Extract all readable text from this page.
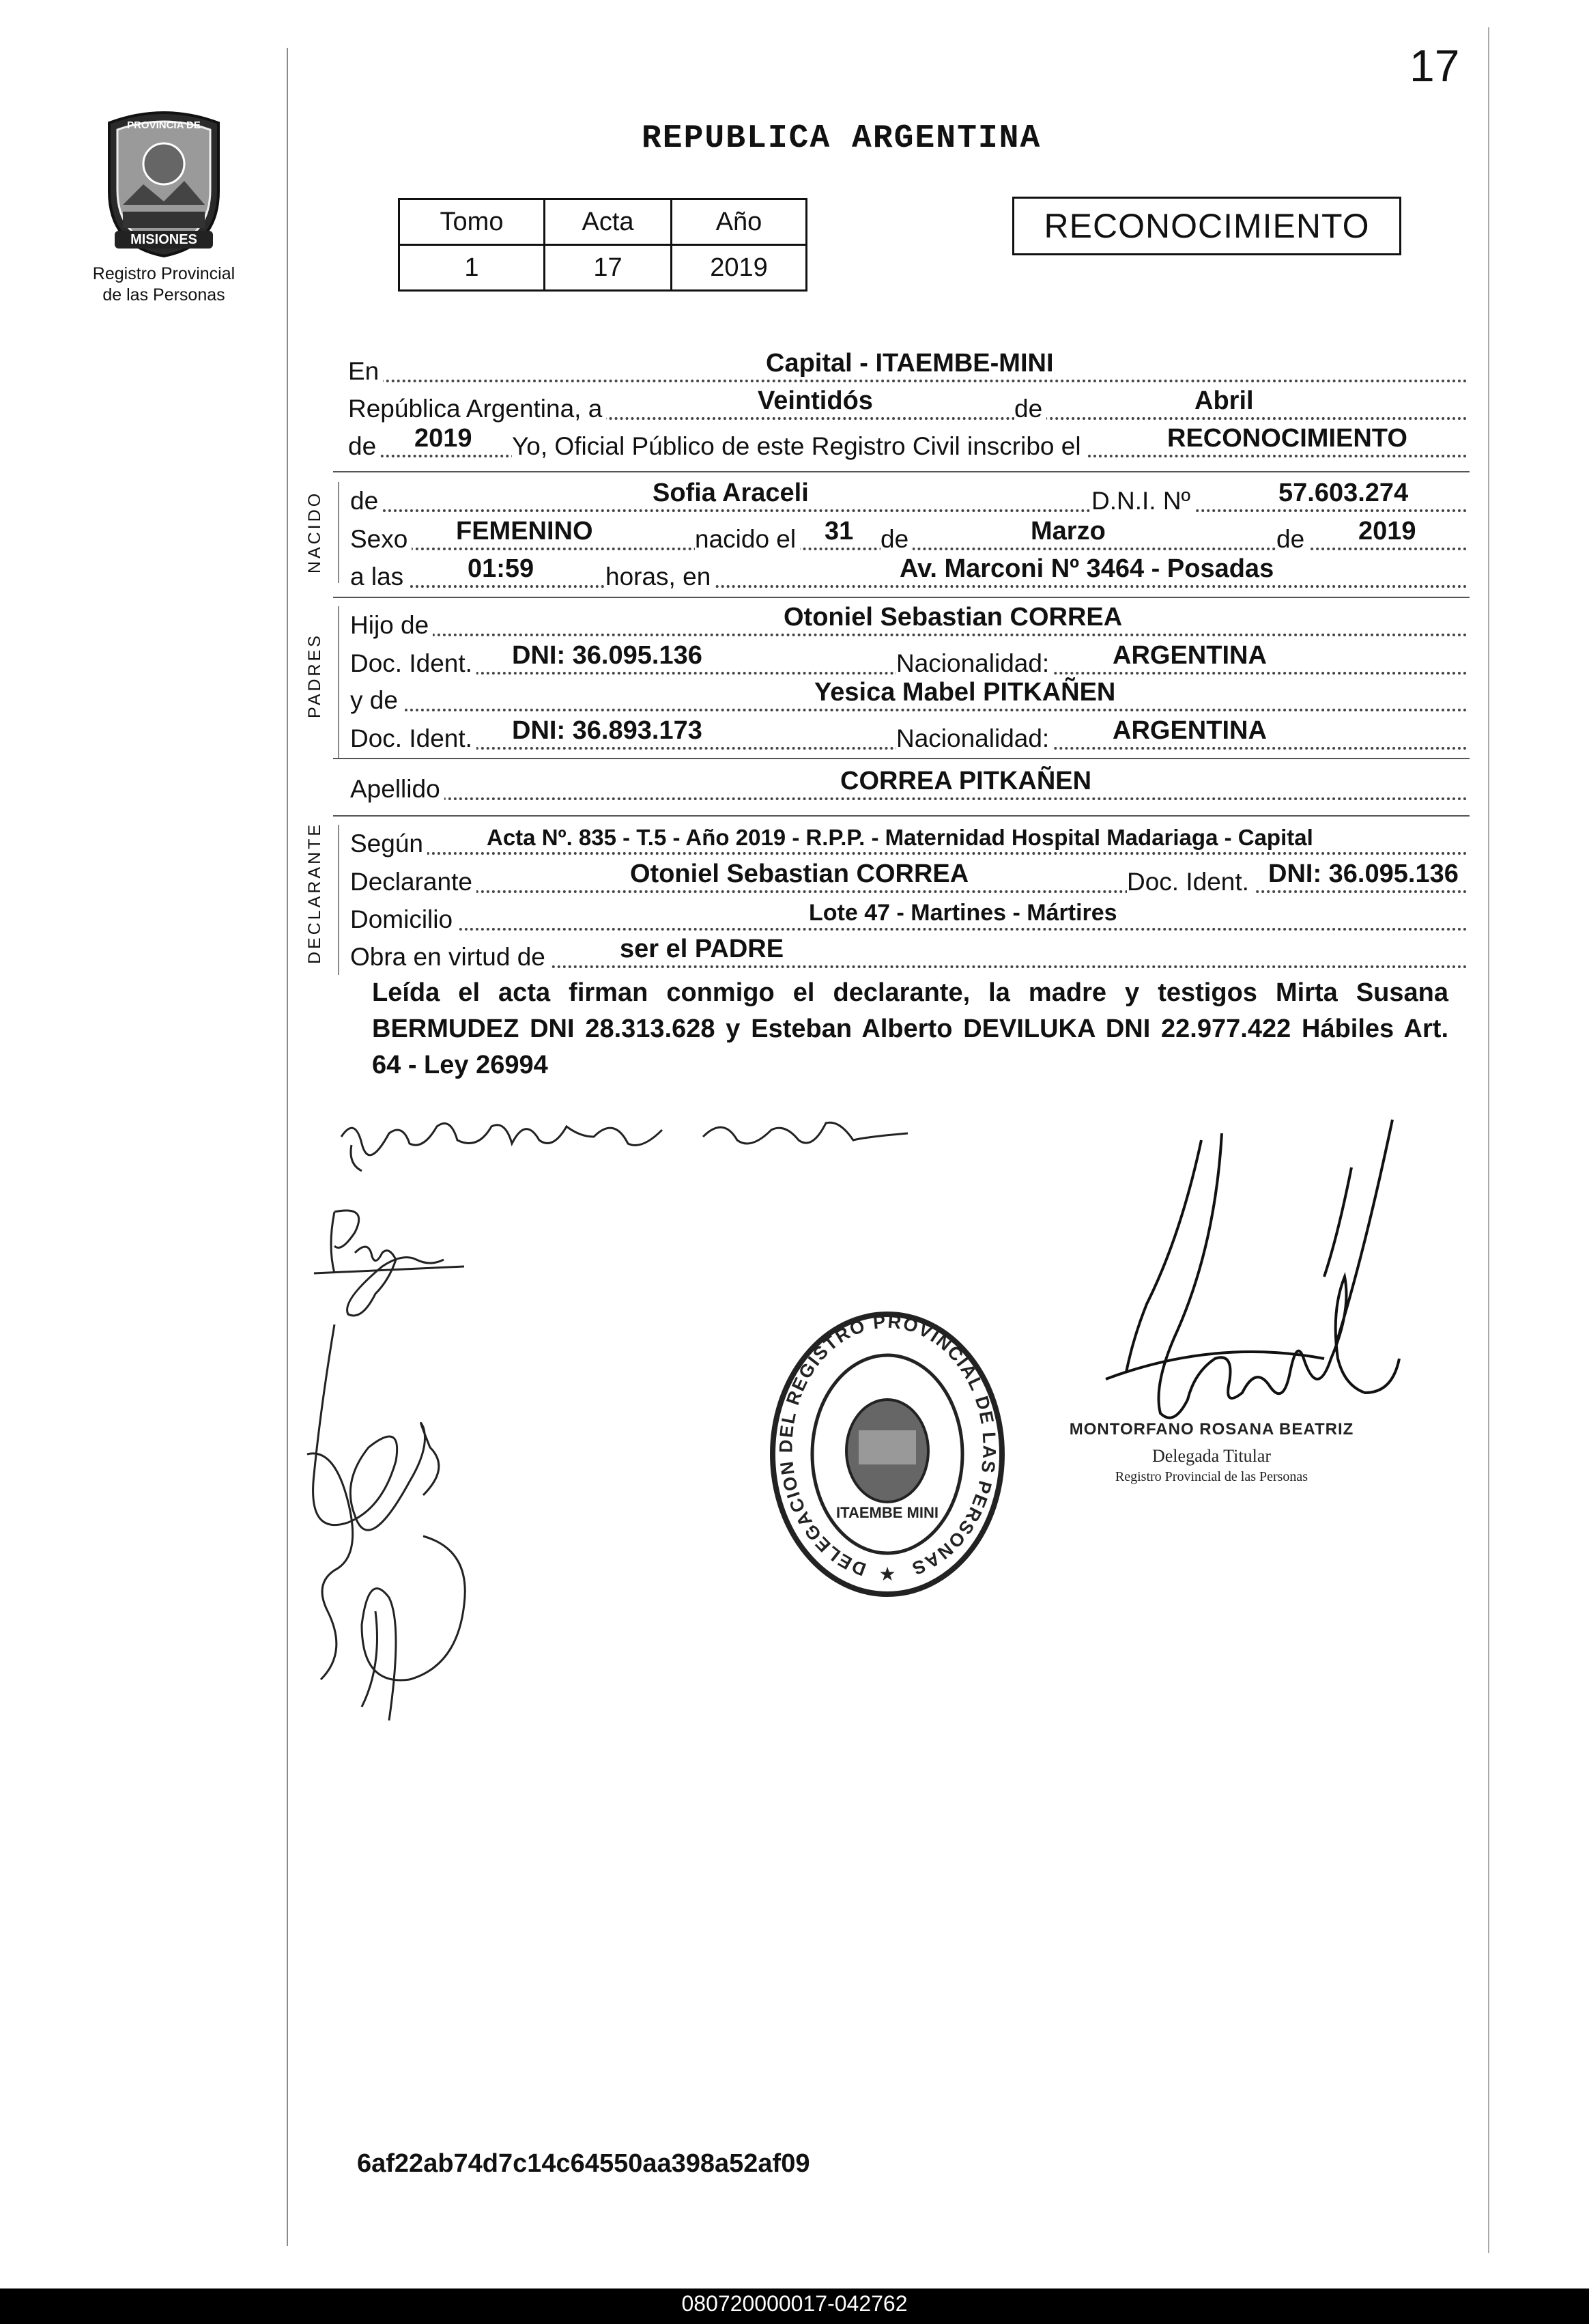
17
REPUBLICA ARGENTINA
MISIONES
PROVINCIA DE
Registro Provincial
de las Personas
Tomo	Acta	Año
1	17	2019
RECONOCIMIENTO
En	Capital - ITAEMBE-MINI
República Argentina, a	Veintidós	de	Abril
de 2019 Yo, Oficial Público de este Registro Civil inscribo el	RECONOCIMIENTO
NACIDO
PADRES
DECLARANTE
de	Sofia Araceli	D.N.I. Nº	57.603.274
Sexo FEMENINO	nacido el 31 de	Marzo	de 2019
a las 01:59	horas, en	Av. Marconi Nº 3464 - Posadas
Hijo de	Otoniel Sebastian CORREA
Doc. Ident. DNI: 36.095.136	Nacionalidad: ARGENTINA
y de	Yesica Mabel PITKAÑEN
Doc. Ident. DNI: 36.893.173	Nacionalidad: ARGENTINA
Apellido	CORREA PITKAÑEN
Según	Acta Nº. 835 - T.5 - Año 2019 - R.P.P. - Maternidad Hospital Madariaga - Capital
Declarante	Otoniel Sebastian CORREA	Doc. Ident. DNI: 36.095.136
Domicilio	Lote 47 - Martines - Mártires
Obra en virtud de	ser el PADRE
Leída el acta firman conmigo el declarante, la madre y testigos Mirta Susana BERMUDEZ DNI 28.313.628 y Esteban Alberto DEVILUKA DNI 22.977.422 Hábiles Art. 64 - Ley 26994
DELEGACION DEL REGISTRO PROVINCIAL DE LAS PERSONAS
ITAEMBE MINI
★
MONTORFANO ROSANA BEATRIZ
Delegada Titular
Registro Provincial de las Personas
6af22ab74d7c14c64550aa398a52af09
080720000017-042762
